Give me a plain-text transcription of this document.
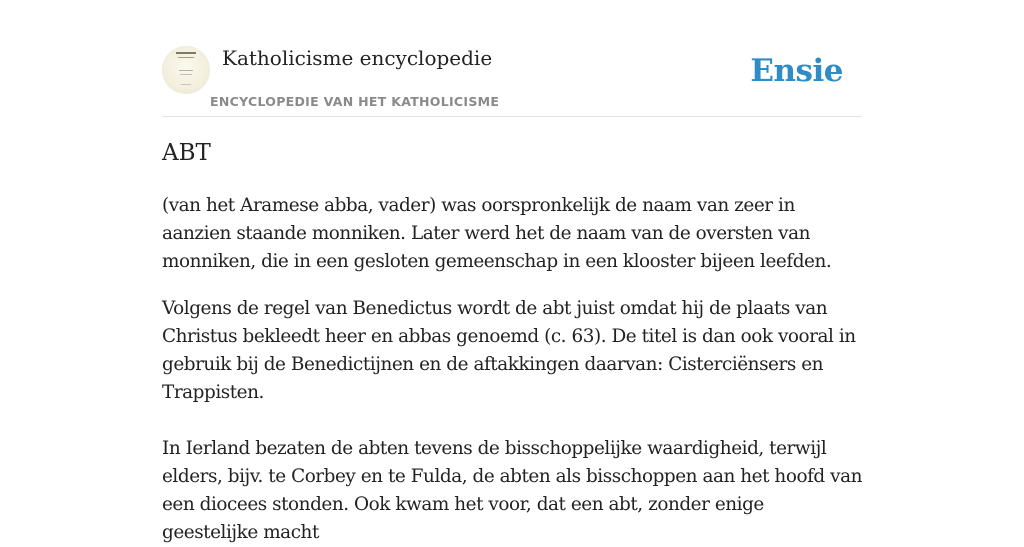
Katholicisme encyclopedie
ENCYCLOPEDIE VAN HET KATHOLICISME
Ensie
ABT

(van het Aramese abba, vader) was oorspronkelijk de naam van zeer in aanzien staande monniken. Later werd het de naam van de oversten van monniken, die in een gesloten gemeenschap in een klooster bijeen leefden.

Volgens de regel van Benedictus wordt de abt juist omdat hij de plaats van Christus bekleedt heer en abbas genoemd (c. 63). De titel is dan ook vooral in gebruik bij de Benedictijnen en de aftakkingen daarvan: Cisterciënsers en Trappisten.

In Ierland bezaten de abten tevens de bisschoppelijke waardigheid, terwijl elders, bijv. te Corbey en te Fulda, de abten als bisschoppen aan het hoofd van een diocees stonden. Ook kwam het voor, dat een abt, zonder enige geestelijke macht
